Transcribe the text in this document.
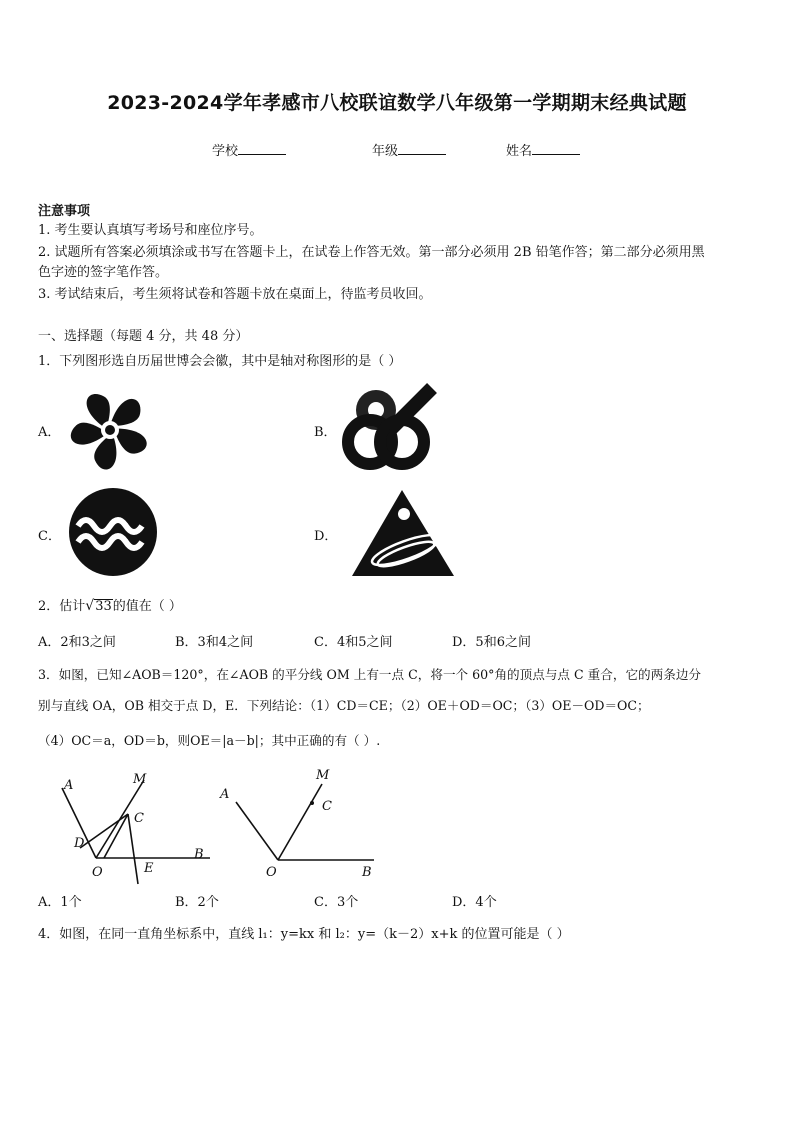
2023-2024学年孝感市八校联谊数学八年级第一学期期末经典试题
学校	年级	姓名
注意事项
1. 考生要认真填写考场号和座位序号。
2. 试题所有答案必须填涂或书写在答题卡上，在试卷上作答无效。第一部分必须用 2B 铅笔作答；第二部分必须用黑
色字迹的签字笔作答。
3. 考试结束后，考生须将试卷和答题卡放在桌面上，待监考员收回。
一、选择题（每题 4 分，共 48 分）
1．下列图形选自历届世博会会徽，其中是轴对称图形的是（ ）
A．	B．
C．	D．
2．估计√33的值在（ ）
A．2和3之间	B．3和4之间	C．4和5之间	D．5和6之间
3．如图，已知∠AOB＝120°，在∠AOB 的平分线 OM 上有一点 C，将一个 60°角的顶点与点 C 重合，它的两条边分
别与直线 OA，OB 相交于点 D，E．下列结论：（1）CD＝CE；（2）OE＋OD＝OC；（3）OE－OD＝OC；
（4）OC＝a，OD＝b，则OE＝|a－b|；其中正确的有（ ）.
A	M
C
D
O	E
B
A
M
C
O	B
A．1个	B．2个	C．3个	D．4个
4．如图，在同一直角坐标系中，直线 l₁：y=kx 和 l₂：y=（k－2）x+k 的位置可能是（ ）
